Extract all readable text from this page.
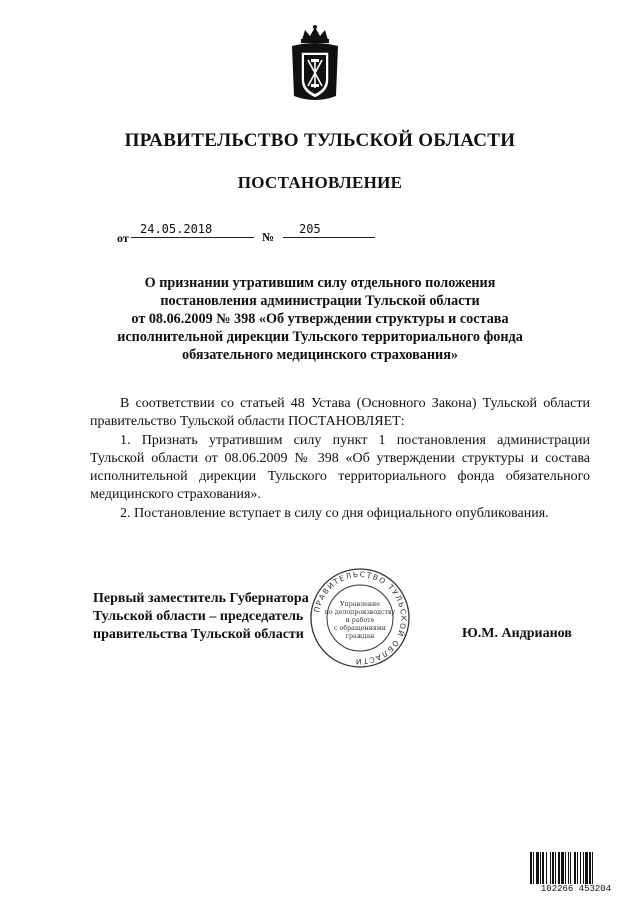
ПРАВИТЕЛЬСТВО ТУЛЬСКОЙ ОБЛАСТИ
ПОСТАНОВЛЕНИЕ
от
24.05.2018
№
205
О признании утратившим силу отдельного положения
постановления администрации Тульской области
от 08.06.2009 № 398 «Об утверждении структуры и состава
исполнительной дирекции Тульского территориального фонда
обязательного медицинского страхования»

В соответствии со статьей 48 Устава (Основного Закона) Тульской области правительство Тульской области ПОСТАНОВЛЯЕТ:

1. Признать утратившим силу пункт 1 постановления администрации Тульской области от 08.06.2009 № 398 «Об утверждении структуры и состава исполнительной дирекции Тульского территориального фонда обязательного медицинского страхования».

2. Постановление вступает в силу со дня официального опубликования.

Первый заместитель Губернатора
Тульской области – председатель
правительства Тульской области	Ю.М. Андрианов
ПРАВИТЕЛЬСТВО ТУЛЬСКОЙ ОБЛАСТИ
Управление
по делопроизводству
и работе
с обращениями
граждан
102266 453204
